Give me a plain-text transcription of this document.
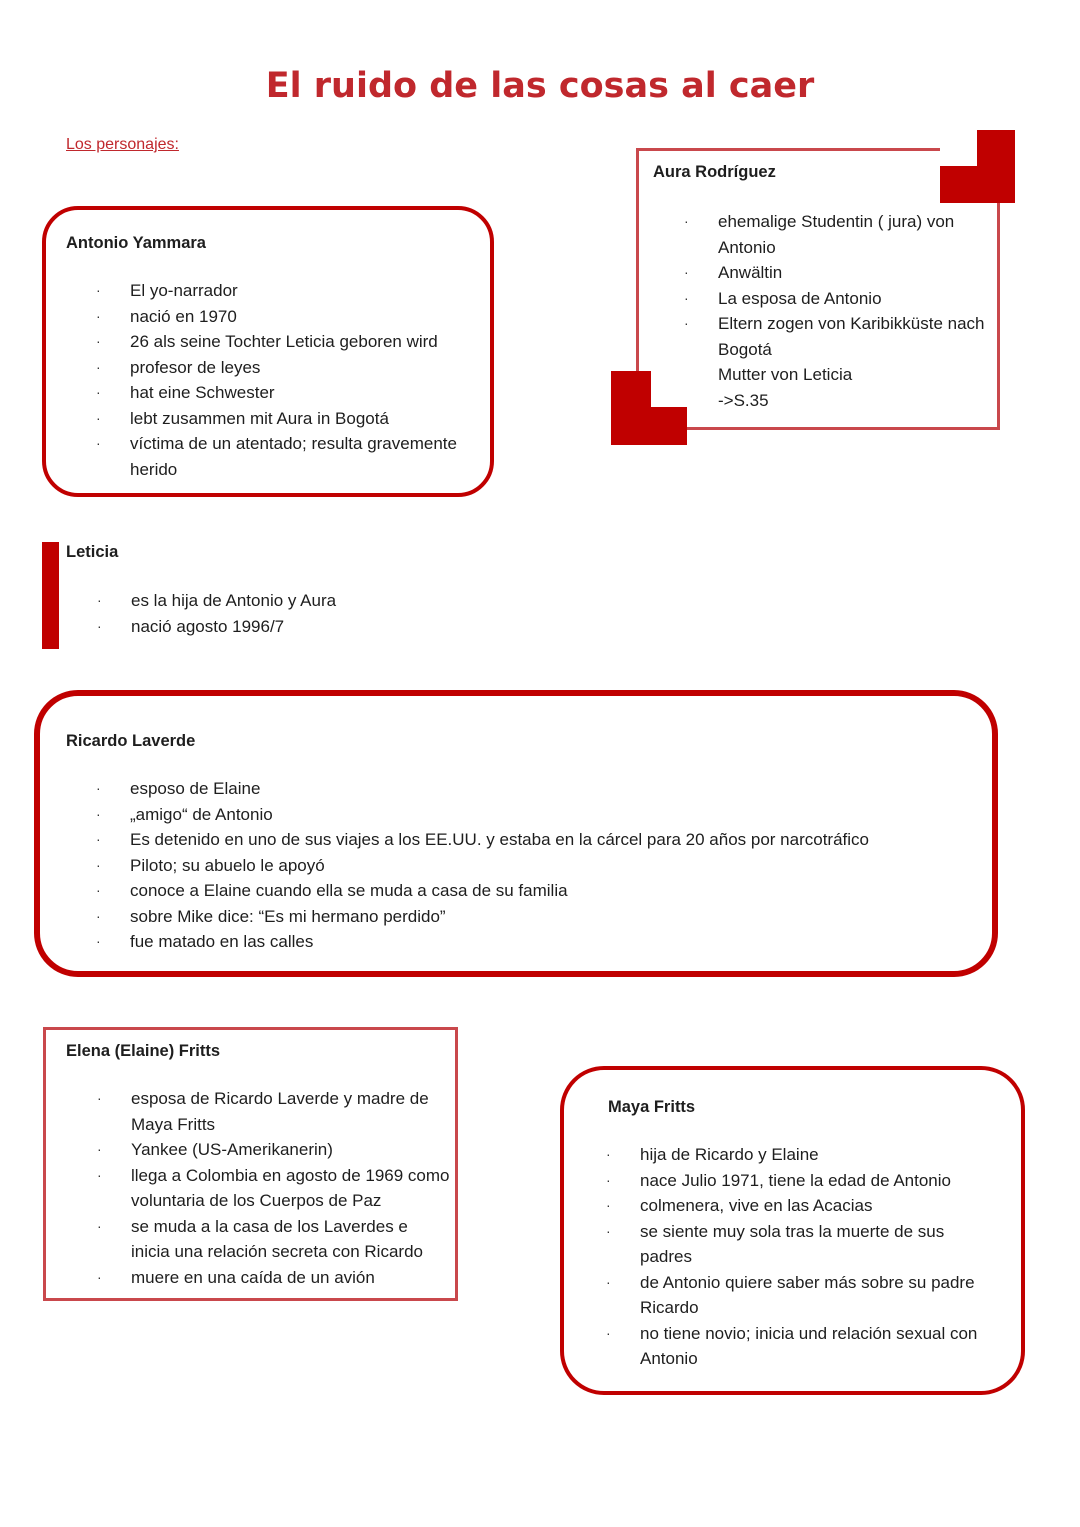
El ruido de las cosas al caer
Los personajes:
Antonio Yammara
· El yo-narrador
· nació en 1970
· 26 als seine Tochter Leticia geboren wird
· profesor de leyes
· hat eine Schwester
· lebt zusammen mit Aura in Bogotá
· víctima de un atentado; resulta gravemente herido
Aura Rodríguez
· ehemalige Studentin ( jura) von Antonio
· Anwältin
· La esposa de Antonio
· Eltern zogen von Karibikküste nach Bogotá
· Mutter von Leticia
· ->S.35
Leticia
· es la hija de Antonio y Aura
· nació agosto 1996/7
Ricardo Laverde
· esposo de Elaine
· „amigo“ de Antonio
· Es detenido en uno de sus viajes a los EE.UU. y estaba en la cárcel para 20 años por narcotráfico
· Piloto; su abuelo le apoyó
· conoce a Elaine cuando ella se muda a casa de su familia
· sobre Mike dice: “Es mi hermano perdido”
· fue matado en las calles
Elena (Elaine) Fritts
· esposa de Ricardo Laverde y madre de Maya Fritts
· Yankee (US-Amerikanerin)
· llega a Colombia en agosto de 1969 como voluntaria de los Cuerpos de Paz
· se muda a la casa de los Laverdes e inicia una relación secreta con Ricardo
· muere en una caída de un avión
Maya Fritts
· hija de Ricardo y Elaine
· nace Julio 1971, tiene la edad de Antonio
· colmenera, vive en las Acacias
· se siente muy sola tras la muerte de sus padres
· de Antonio quiere saber más sobre su padre Ricardo
· no tiene novio; inicia und relación sexual con Antonio
